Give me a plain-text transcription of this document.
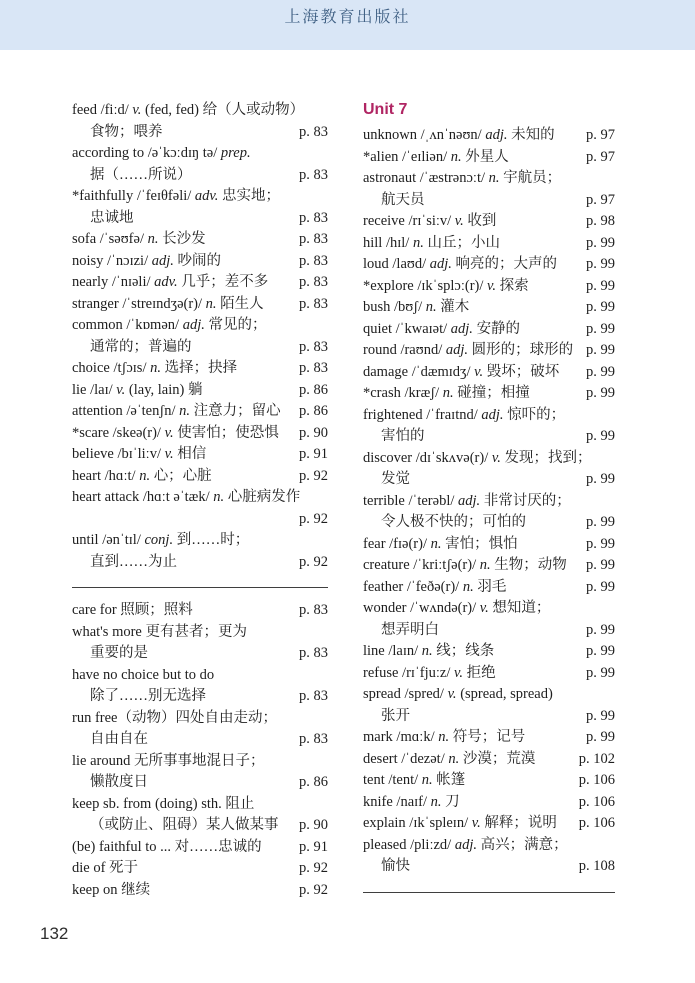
上海教育出版社
feed /fiːd/ v. (fed, fed) 给（人或动物）
食物；喂养	p. 83
according to /əˈkɔːdɪŋ tə/ prep.
据（……所说）	p. 83
*faithfully /ˈfeɪθfəli/ adv. 忠实地；
忠诚地	p. 83
sofa /ˈsəʊfə/ n. 长沙发	p. 83
noisy /ˈnɔɪzi/ adj. 吵闹的	p. 83
nearly /ˈnɪəli/ adv. 几乎；差不多	p. 83
stranger /ˈstreɪndʒə(r)/ n. 陌生人	p. 83
common /ˈkɒmən/ adj. 常见的；
通常的；普遍的	p. 83
choice /tʃɔɪs/ n. 选择；抉择	p. 83
lie /laɪ/ v. (lay, lain) 躺	p. 86
attention /əˈtenʃn/ n. 注意力；留心	p. 86
*scare /skeə(r)/ v. 使害怕；使恐惧	p. 90
believe /bɪˈliːv/ v. 相信	p. 91
heart /hɑːt/ n. 心；心脏	p. 92
heart attack /hɑːt əˈtæk/ n. 心脏病发作
p. 92
until /ənˈtɪl/ conj. 到……时；
直到……为止	p. 92
care for 照顾；照料	p. 83
what's more 更有甚者；更为
重要的是	p. 83
have no choice but to do
除了……别无选择	p. 83
run free（动物）四处自由走动；
自由自在	p. 83
lie around 无所事事地混日子；
懒散度日	p. 86
keep sb. from (doing) sth. 阻止
（或防止、阻碍）某人做某事	p. 90
(be) faithful to ... 对……忠诚的	p. 91
die of 死于	p. 92
keep on 继续	p. 92
Unit 7
unknown /ˌʌnˈnəʊn/ adj. 未知的	p. 97
*alien /ˈeɪliən/ n. 外星人	p. 97
astronaut /ˈæstrənɔːt/ n. 宇航员；
航天员	p. 97
receive /rɪˈsiːv/ v. 收到	p. 98
hill /hɪl/ n. 山丘；小山	p. 99
loud /laʊd/ adj. 响亮的；大声的	p. 99
*explore /ɪkˈsplɔː(r)/ v. 探索	p. 99
bush /bʊʃ/ n. 灌木	p. 99
quiet /ˈkwaɪət/ adj. 安静的	p. 99
round /raʊnd/ adj. 圆形的；球形的 p. 99
damage /ˈdæmɪdʒ/ v. 毁坏；破坏	p. 99
*crash /kræʃ/ n. 碰撞；相撞	p. 99
frightened /ˈfraɪtnd/ adj. 惊吓的；
害怕的	p. 99
discover /dɪˈskʌvə(r)/ v. 发现；找到；
发觉	p. 99
terrible /ˈterəbl/ adj. 非常讨厌的；
令人极不快的；可怕的	p. 99
fear /fɪə(r)/ n. 害怕；惧怕	p. 99
creature /ˈkriːtʃə(r)/ n. 生物；动物	p. 99
feather /ˈfeðə(r)/ n. 羽毛	p. 99
wonder /ˈwʌndə(r)/ v. 想知道；
想弄明白	p. 99
line /laɪn/ n. 线；线条	p. 99
refuse /rɪˈfjuːz/ v. 拒绝	p. 99
spread /spred/ v. (spread, spread)
张开	p. 99
mark /mɑːk/ n. 符号；记号	p. 99
desert /ˈdezət/ n. 沙漠；荒漠	p. 102
tent /tent/ n. 帐篷	p. 106
knife /naɪf/ n. 刀	p. 106
explain /ɪkˈspleɪn/ v. 解释；说明	p. 106
pleased /pliːzd/ adj. 高兴；满意；
愉快	p. 108
132
